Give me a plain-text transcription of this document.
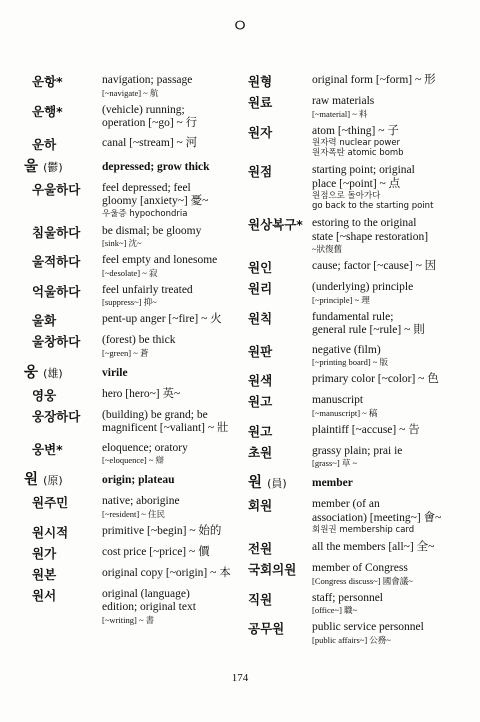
ㅇ
운항*	navigation; passage
[~navigate] ~ 航
운행*	(vehicle) running;
operation [~go] ~ 行
운하	canal [~stream] ~ 河
울 (鬱)	depressed; grow thick
우울하다	feel depressed; feel
gloomy [anxiety~] 憂~
우울증 hypochondria
침울하다	be dismal; be gloomy
[sink~] 沈~
울적하다	feel empty and lonesome
[~desolate] ~ 寂
억울하다	feel unfairly treated
[suppress~] 抑~
울화	pent-up anger [~fire] ~ 火
울창하다	(forest) be thick
[~green] ~ 蒼
웅 (雄)	virile
영웅	hero [hero~] 英~
웅장하다	(building) be grand; be
magnificent [~valiant] ~ 壯
웅변*	eloquence; oratory
[~eloquence] ~ 辯
원 (原)	origin; plateau
원주민	native; aborigine
[~resident] ~ 住民
원시적	primitive [~begin] ~ 始的
원가	cost price [~price] ~ 價
원본	original copy [~origin] ~ 本
원서	original (language)
edition; original text
[~writing] ~ 書
원형	original form [~form] ~ 形
원료	raw materials
[~material] ~ 料
원자	atom [~thing] ~ 子
원자력 nuclear power
원자폭탄 atomic bomb
원점	starting point; original
place [~point] ~ 点
원점으로 돌아가다
go back to the starting point
원상복구* estoring to the original
state [~shape restoration]
~狀復舊
원인	cause; factor [~cause] ~ 因
원리	(underlying) principle
[~principle] ~ 理
원칙	fundamental rule;
general rule [~rule] ~ 則
원판	negative (film)
[~printing board] ~ 版
원색	primary color [~color] ~ 色
원고	manuscript
[~manuscript] ~ 稿
원고	plaintiff [~accuse] ~ 告
초원	grassy plain; prai ie
[grass~] 草 ~
원 (員)	member
회원	member (of an
association) [meeting~] 會~
회원권 membership card
전원	all the members [all~] 全~
국회의원	member of Congress
[Congress discuss~] 國會議~
직원	staff; personnel
[office~] 職~
공무원	public service personnel
[public affairs~] 公務~
174
